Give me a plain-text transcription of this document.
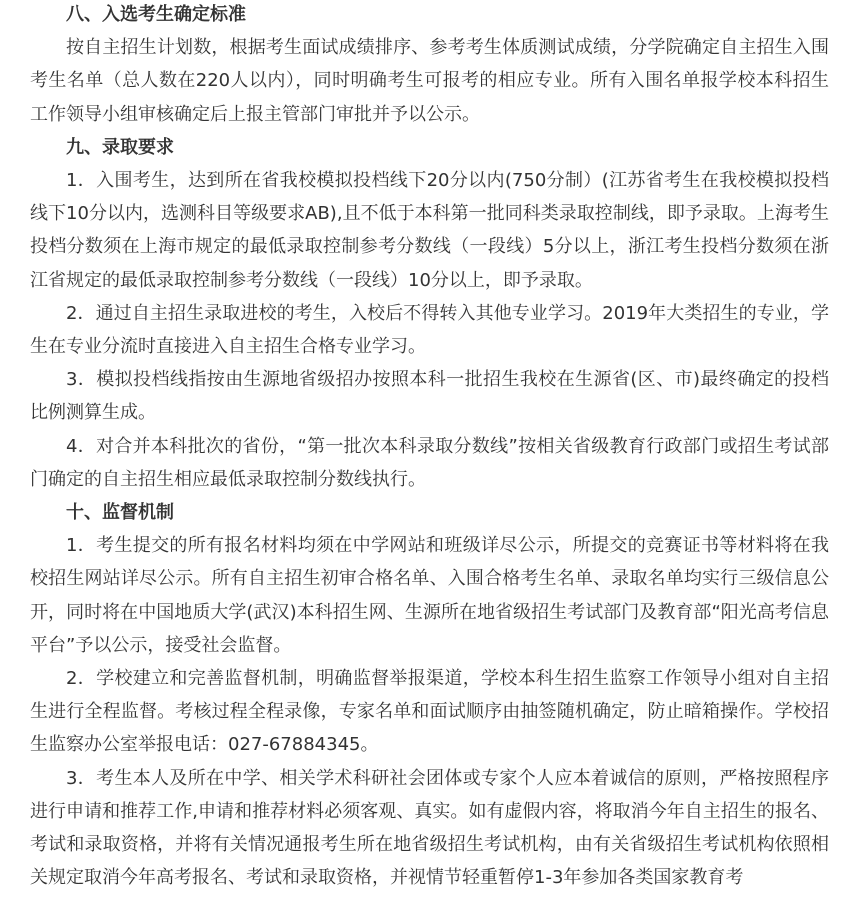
八、入选考生确定标准

按自主招生计划数，根据考生面试成绩排序、参考考生体质测试成绩，分学院确定自主招生入围考生名单（总人数在220人以内），同时明确考生可报考的相应专业。所有入围名单报学校本科招生工作领导小组审核确定后上报主管部门审批并予以公示。

九、录取要求

1．入围考生，达到所在省我校模拟投档线下20分以内(750分制）(江苏省考生在我校模拟投档线下10分以内，选测科目等级要求AB),且不低于本科第一批同科类录取控制线，即予录取。上海考生投档分数须在上海市规定的最低录取控制参考分数线（一段线）5分以上，浙江考生投档分数须在浙江省规定的最低录取控制参考分数线（一段线）10分以上，即予录取。

2．通过自主招生录取进校的考生，入校后不得转入其他专业学习。2019年大类招生的专业，学生在专业分流时直接进入自主招生合格专业学习。

3．模拟投档线指按由生源地省级招办按照本科一批招生我校在生源省(区、市)最终确定的投档比例测算生成。

4．对合并本科批次的省份，“第一批次本科录取分数线”按相关省级教育行政部门或招生考试部门确定的自主招生相应最低录取控制分数线执行。

十、监督机制

1．考生提交的所有报名材料均须在中学网站和班级详尽公示，所提交的竞赛证书等材料将在我校招生网站详尽公示。所有自主招生初审合格名单、入围合格考生名单、录取名单均实行三级信息公开，同时将在中国地质大学(武汉)本科招生网、生源所在地省级招生考试部门及教育部“阳光高考信息平台”予以公示，接受社会监督。

2．学校建立和完善监督机制，明确监督举报渠道，学校本科生招生监察工作领导小组对自主招生进行全程监督。考核过程全程录像，专家名单和面试顺序由抽签随机确定，防止暗箱操作。学校招生监察办公室举报电话：027-67884345。

3．考生本人及所在中学、相关学术科研社会团体或专家个人应本着诚信的原则，严格按照程序进行申请和推荐工作,申请和推荐材料必须客观、真实。如有虚假内容，将取消今年自主招生的报名、考试和录取资格，并将有关情况通报考生所在地省级招生考试机构，由有关省级招生考试机构依照相关规定取消今年高考报名、考试和录取资格，并视情节轻重暂停1-3年参加各类国家教育考
